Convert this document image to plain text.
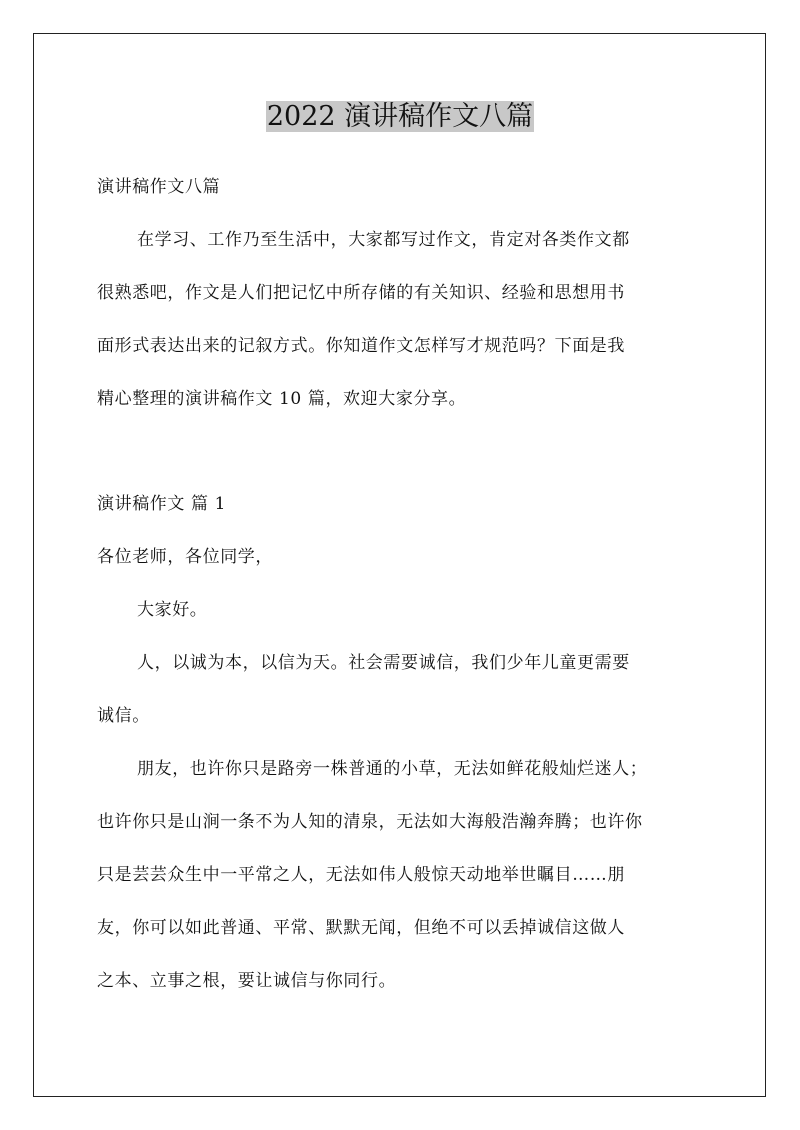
2022 演讲稿作文八篇
演讲稿作文八篇
在学习、工作乃至生活中，大家都写过作文，肯定对各类作文都
很熟悉吧，作文是人们把记忆中所存储的有关知识、经验和思想用书
面形式表达出来的记叙方式。你知道作文怎样写才规范吗？下面是我
精心整理的演讲稿作文 10 篇，欢迎大家分享。
演讲稿作文 篇 1
各位老师，各位同学，
大家好。
人，以诚为本，以信为天。社会需要诚信，我们少年儿童更需要
诚信。
朋友，也许你只是路旁一株普通的小草，无法如鲜花般灿烂迷人；
也许你只是山涧一条不为人知的清泉，无法如大海般浩瀚奔腾；也许你
只是芸芸众生中一平常之人，无法如伟人般惊天动地举世瞩目……朋
友，你可以如此普通、平常、默默无闻，但绝不可以丢掉诚信这做人
之本、立事之根，要让诚信与你同行。
